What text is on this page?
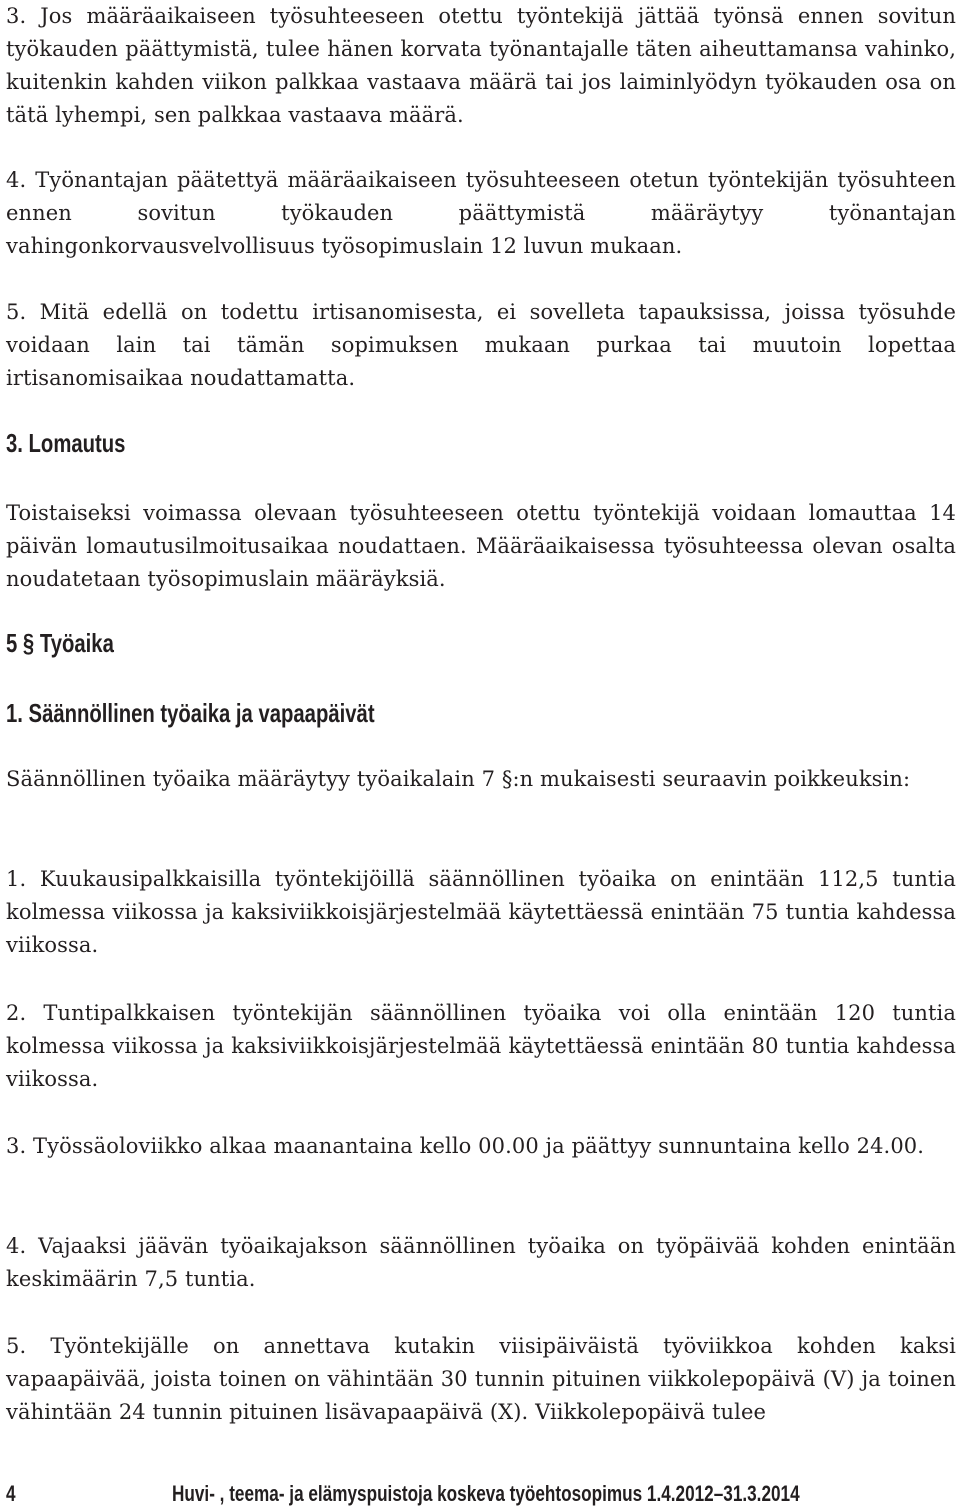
3. Jos määräaikaiseen työsuhteeseen otettu työntekijä jättää työnsä ennen sovitun työkauden päättymistä, tulee hänen korvata työnantajalle täten aiheuttamansa vahinko, kuitenkin kahden viikon palkkaa vastaava määrä tai jos laiminlyödyn työkauden osa on tätä lyhempi, sen palkkaa vastaava määrä.

4. Työnantajan päätettyä määräaikaiseen työsuhteeseen otetun työntekijän työsuhteen ennen sovitun työkauden päättymistä määräytyy työnantajan vahingonkorvausvelvollisuus työsopimuslain 12 luvun mukaan.

5. Mitä edellä on todettu irtisanomisesta, ei sovelleta tapauksissa, joissa työsuhde voidaan lain tai tämän sopimuksen mukaan purkaa tai muutoin lopettaa irtisanomisaikaa noudattamatta.

3. Lomautus

Toistaiseksi voimassa olevaan työsuhteeseen otettu työntekijä voidaan lomauttaa 14 päivän lomautusilmoitusaikaa noudattaen. Määräaikaisessa työsuhteessa olevan osalta noudatetaan työsopimuslain määräyksiä.

5 § Työaika
1. Säännöllinen työaika ja vapaapäivät

Säännöllinen työaika määräytyy työaikalain 7 §:n mukaisesti seuraavin poikkeuksin:

1. Kuukausipalkkaisilla työntekijöillä säännöllinen työaika on enintään 112,5 tuntia kolmessa viikossa ja kaksiviikkoisjärjestelmää käytettäessä enintään 75 tuntia kahdessa viikossa.

2. Tuntipalkkaisen työntekijän säännöllinen työaika voi olla enintään 120 tuntia kolmessa viikossa ja kaksiviikkoisjärjestelmää käytettäessä enintään 80 tuntia kahdessa viikossa.

3. Työssäoloviikko alkaa maanantaina kello 00.00 ja päättyy sunnuntaina kello 24.00.

4. Vajaaksi jäävän työaikajakson säännöllinen työaika on työpäivää kohden enintään keskimäärin 7,5 tuntia.

5. Työntekijälle on annettava kutakin viisipäiväistä työviikkoa kohden kaksi vapaapäivää, joista toinen on vähintään 30 tunnin pituinen viikkolepopäivä (V) ja toinen vähintään 24 tunnin pituinen lisävapaapäivä (X). Viikkolepopäivä tulee

4	Huvi- , teema- ja elämyspuistoja koskeva työehtosopimus 1.4.2012–31.3.2014
